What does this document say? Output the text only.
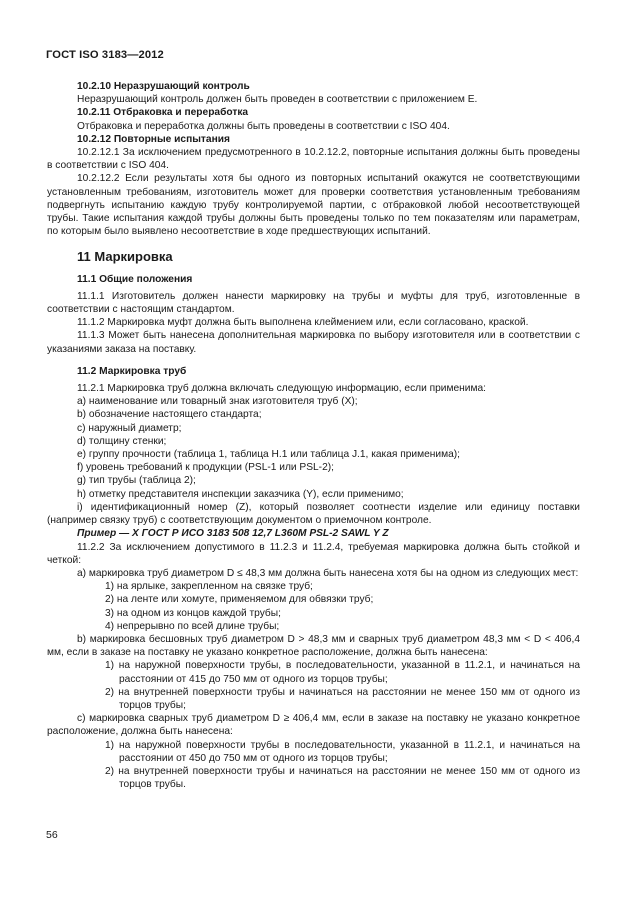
ГОСТ ISO 3183—2012

10.2.10 Неразрушающий контроль

Неразрушающий контроль должен быть проведен в соответствии с приложением Е.

10.2.11 Отбраковка и переработка

Отбраковка и переработка должны быть проведены в соответствии с ISO 404.

10.2.12 Повторные испытания

10.2.12.1 За исключением предусмотренного в 10.2.12.2, повторные испытания должны быть проведены в соответствии с ISO 404.

10.2.12.2 Если результаты хотя бы одного из повторных испытаний окажутся не соответствующими установленным требованиям, изготовитель может для проверки соответствия установленным требованиям подвергнуть испытанию каждую трубу контролируемой партии, с отбраковкой любой несоответствующей трубы. Такие испытания каждой трубы должны быть проведены только по тем показателям или параметрам, по которым было выявлено несоответствие в ходе предшествующих испытаний.

11 Маркировка
11.1 Общие положения

11.1.1 Изготовитель должен нанести маркировку на трубы и муфты для труб, изготовленные в соответствии с настоящим стандартом.

11.1.2 Маркировка муфт должна быть выполнена клеймением или, если согласовано, краской.

11.1.3 Может быть нанесена дополнительная маркировка по выбору изготовителя или в соответствии с указаниями заказа на поставку.

11.2 Маркировка труб

11.2.1 Маркировка труб должна включать следующую информацию, если применима:

a) наименование или товарный знак изготовителя труб (X);

b) обозначение настоящего стандарта;

c) наружный диаметр;

d) толщину стенки;

e) группу прочности (таблица 1, таблица Н.1 или таблица J.1, какая применима);

f) уровень требований к продукции (PSL-1 или PSL-2);

g) тип трубы (таблица 2);

h) отметку представителя инспекции заказчика (Y), если применимо;

i) идентификационный номер (Z), который позволяет соотнести изделие или единицу поставки (например связку труб) с соответствующим документом о приемочном контроле.

Пример — X ГОСТ Р ИСО 3183 508 12,7 L360M PSL-2 SAWL Y Z

11.2.2 За исключением допустимого в 11.2.3 и 11.2.4, требуемая маркировка должна быть стойкой и четкой:

а) маркировка труб диаметром D ≤ 48,3 мм должна быть нанесена хотя бы на одном из следующих мест:

1) на ярлыке, закрепленном на связке труб;

2) на ленте или хомуте, применяемом для обвязки труб;

3) на одном из концов каждой трубы;

4) непрерывно по всей длине трубы;

b) маркировка бесшовных труб диаметром D > 48,3 мм и сварных труб диаметром 48,3 мм < D < 406,4 мм, если в заказе на поставку не указано конкретное расположение, должна быть нанесена:

1) на наружной поверхности трубы, в последовательности, указанной в 11.2.1, и начинаться на расстоянии от 415 до 750 мм от одного из торцов трубы;

2) на внутренней поверхности трубы и начинаться на расстоянии не менее 150 мм от одного из торцов трубы;

c) маркировка сварных труб диаметром D ≥ 406,4 мм, если в заказе на поставку не указано конкретное расположение, должна быть нанесена:

1) на наружной поверхности трубы в последовательности, указанной в 11.2.1, и начинаться на расстоянии от 450 до 750 мм от одного из торцов трубы;

2) на внутренней поверхности трубы и начинаться на расстоянии не менее 150 мм от одного из торцов трубы.

56
